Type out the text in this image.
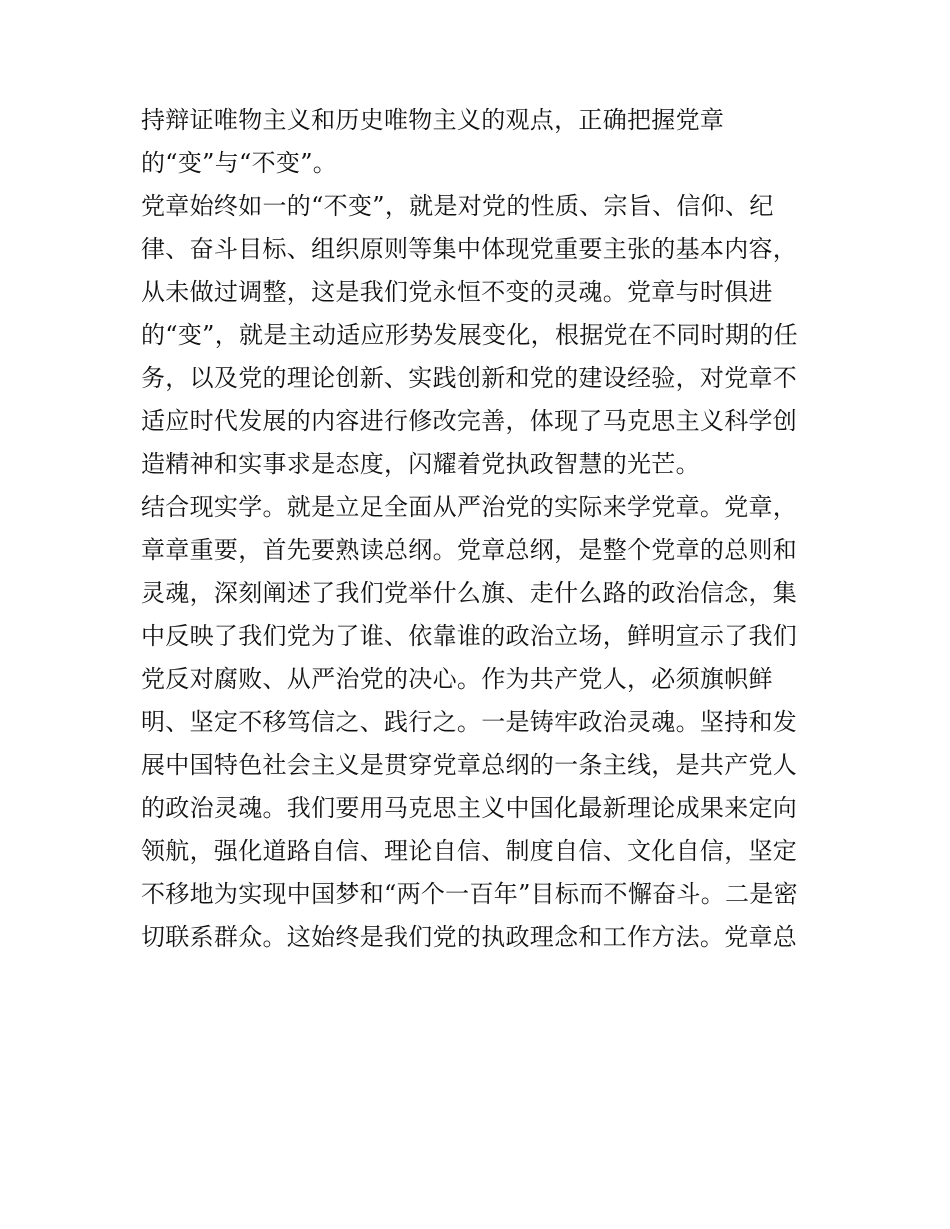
持辩证唯物主义和历史唯物主义的观点，正确把握党章
的“变”与“不变”。
党章始终如一的“不变”，就是对党的性质、宗旨、信仰、纪
律、奋斗目标、组织原则等集中体现党重要主张的基本内容，
从未做过调整，这是我们党永恒不变的灵魂。党章与时俱进
的“变”，就是主动适应形势发展变化，根据党在不同时期的任
务，以及党的理论创新、实践创新和党的建设经验，对党章不
适应时代发展的内容进行修改完善，体现了马克思主义科学创
造精神和实事求是态度，闪耀着党执政智慧的光芒。
结合现实学。就是立足全面从严治党的实际来学党章。党章，
章章重要，首先要熟读总纲。党章总纲，是整个党章的总则和
灵魂，深刻阐述了我们党举什么旗、走什么路的政治信念，集
中反映了我们党为了谁、依靠谁的政治立场，鲜明宣示了我们
党反对腐败、从严治党的决心。作为共产党人，必须旗帜鲜
明、坚定不移笃信之、践行之。一是铸牢政治灵魂。坚持和发
展中国特色社会主义是贯穿党章总纲的一条主线，是共产党人
的政治灵魂。我们要用马克思主义中国化最新理论成果来定向
领航，强化道路自信、理论自信、制度自信、文化自信，坚定
不移地为实现中国梦和“两个一百年”目标而不懈奋斗。二是密
切联系群众。这始终是我们党的执政理念和工作方法。党章总
